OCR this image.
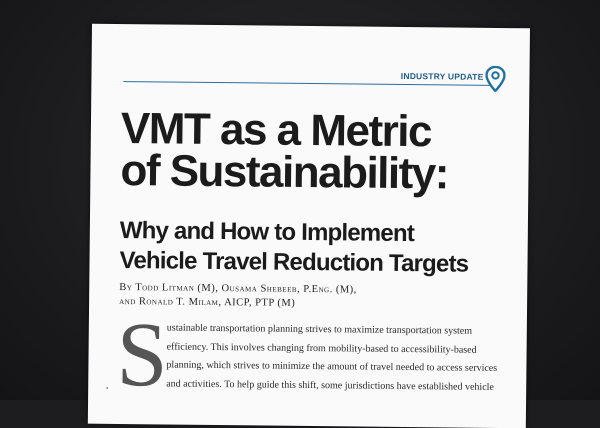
INDUSTRY UPDATE
VMT as a Metric
of Sustainability:
Why and How to Implement
Vehicle Travel Reduction Targets
By Todd Litman (M), Ousama Shebeeb, P.Eng. (M),
and Ronald T. Milam, AICP, PTP (M)
S
ustainable transportation planning strives to maximize transportation system
efficiency. This involves changing from mobility-based to accessibility-based
planning, which strives to minimize the amount of travel needed to access services
and activities. To help guide this shift, some jurisdictions have established vehicle
▪
